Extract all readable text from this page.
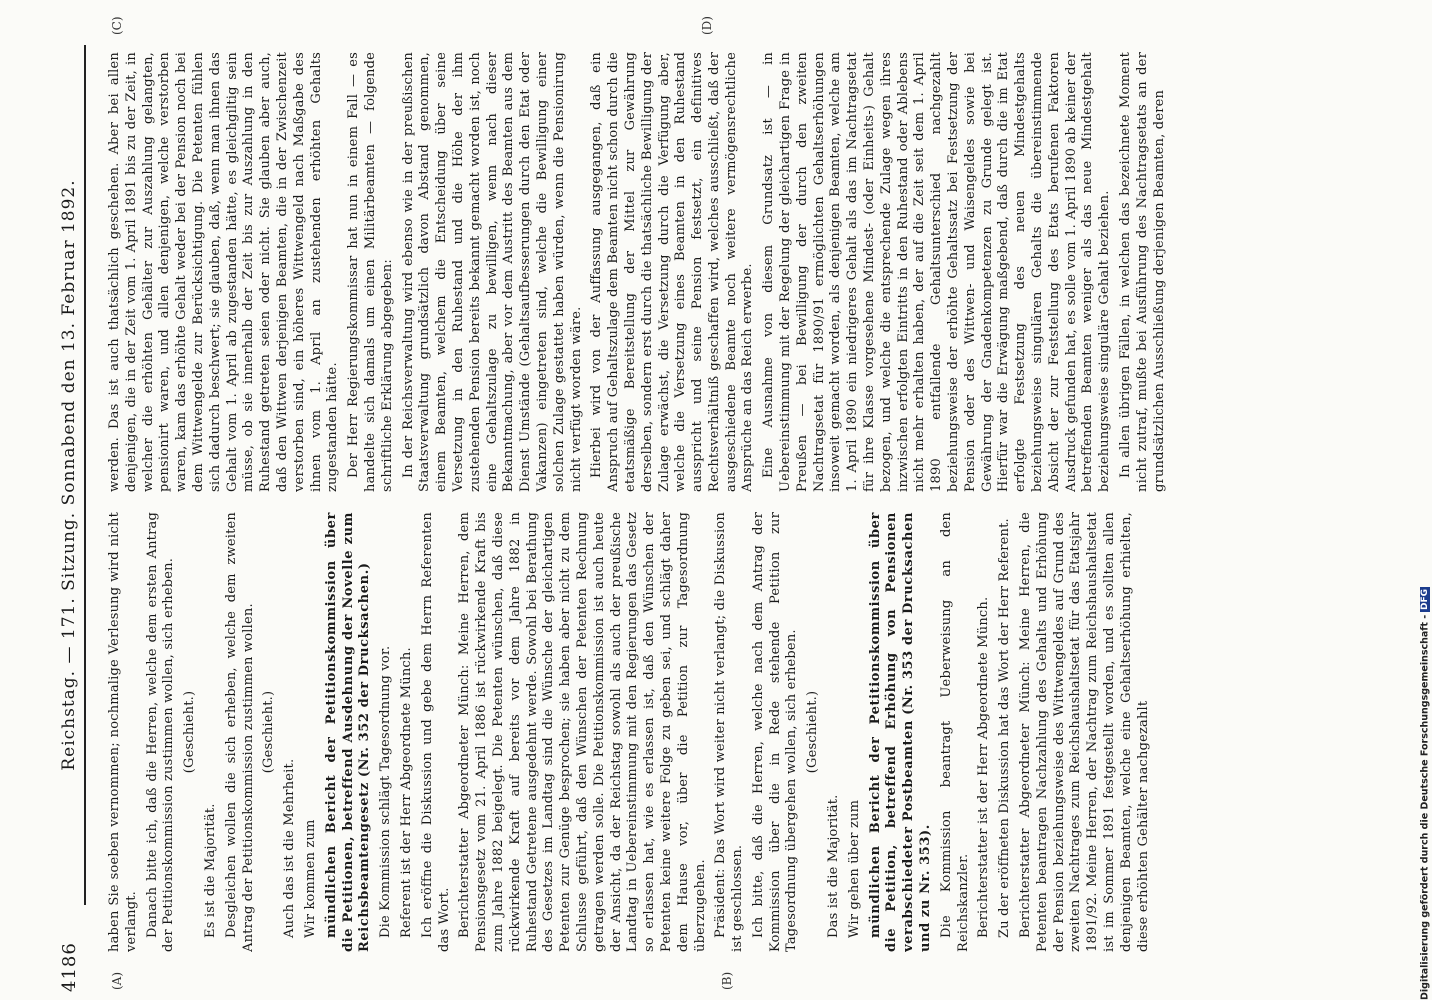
4186
Reichstag. — 171. Sitzung. Sonnabend den 13. Februar 1892.
(A)	(B)
(C)	(D)

haben Sie soeben vernommen; nochmalige Verlesung wird nicht verlangt. Danach bitte ich, daß die Herren, welche dem ersten Antrag der Petitionskommission zustimmen wollen, sich erheben. (Geschieht.)

Es ist die Majorität. Desgleichen wollen die sich erheben, welche dem zweiten Antrag der Petitionskommission zustimmen wollen. (Geschieht.)

Auch das ist die Mehrheit. Wir kommen zum mündlichen Bericht der Petitionskommission über die Petitionen, betreffend Ausdehnung der Novelle zum Reichsbeamtengesetz (Nr. 352 der Drucksachen.) Die Kommission schlägt Tagesordnung vor. Referent ist der Herr Abgeordnete Münch. Ich eröffne die Diskussion und gebe dem Herrn Referenten das Wort. Berichterstatter Abgeordneter Münch: Meine Herren, dem Pensionsgesetz vom 21. April 1886 ist rückwirkende Kraft bis zum Jahre 1882 beigelegt. Die Petenten wünschen, daß diese rückwirkende Kraft auf bereits vor dem Jahre 1882 in Ruhestand Getretene ausgedehnt werde. Sowohl bei Berathung des Gesetzes im Landtag sind die Wünsche der gleichartigen Petenten zur Genüge besprochen; sie haben aber nicht zu dem Schlusse geführt, daß den Wünschen der Petenten Rechnung getragen werden solle. Die Petitionskommission ist auch heute der Ansicht, da der Reichstag sowohl als auch der preußische Landtag in Uebereinstimmung mit den Regierungen das Gesetz so erlassen hat, wie es erlassen ist, daß den Wünschen der Petenten keine weitere Folge zu geben sei, und schlägt daher dem Hause vor, über die Petition zur Tagesordnung überzugehen. Präsident: Das Wort wird weiter nicht verlangt; die Diskussion ist geschlossen. Ich bitte, daß die Herren, welche nach dem Antrag der Kommission über die in Rede stehende Petition zur Tagesordnung übergehen wollen, sich erheben. (Geschieht.)

Das ist die Majorität. Wir gehen über zum mündlichen Bericht der Petitionskommission über die Petition, betreffend Erhöhung von Pensionen verabschiedeter Postbeamten (Nr. 353 der Drucksachen und zu Nr. 353). Die Kommission beantragt Ueberweisung an den Reichskanzler. Berichterstatter ist der Herr Abgeordnete Münch. Zu der eröffneten Diskussion hat das Wort der Herr Referent. Berichterstatter Abgeordneter Münch: Meine Herren, die Petenten beantragen Nachzahlung des Gehalts und Erhöhung der Pension beziehungsweise des Wittwengeldes auf Grund des zweiten Nachtrages zum Reichshaushaltsetat für das Etatsjahr 1891/92. Meine Herren, der Nachtrag zum Reichshaushaltsetat ist im Sommer 1891 festgestellt worden, und es sollten allen denjenigen Beamten, welche eine Gehaltserhöhung erhielten, diese erhöhten Gehälter nachgezahlt

werden. Das ist auch thatsächlich geschehen. Aber bei allen denjenigen, die in der Zeit vom 1. April 1891 bis zu der Zeit, in welcher die erhöhten Gehälter zur Auszahlung gelangten, pensionirt waren, und allen denjenigen, welche verstorben waren, kam das erhöhte Gehalt weder bei der Pension noch bei dem Wittwengelde zur Berücksichtigung. Die Petenten fühlen sich dadurch beschwert; sie glauben, daß, wenn man ihnen das Gehalt vom 1. April ab zugestanden hätte, es gleichgiltig sein müsse, ob sie innerhalb der Zeit bis zur Auszahlung in den Ruhestand getreten seien oder nicht. Sie glauben aber auch, daß den Wittwen derjenigen Beamten, die in der Zwischenzeit verstorben sind, ein höheres Wittwengeld nach Maßgabe des ihnen vom 1. April an zustehenden erhöhten Gehalts zugestanden hätte. Der Herr Regierungskommissar hat nun in einem Fall — es handelte sich damals um einen Militärbeamten — folgende schriftliche Erklärung abgegeben: In der Reichsverwaltung wird ebenso wie in der preußischen Staatsverwaltung grundsätzlich davon Abstand genommen, einem Beamten, welchem die Entscheidung über seine Versetzung in den Ruhestand und die Höhe der ihm zustehenden Pension bereits bekannt gemacht worden ist, noch eine Gehaltszulage zu bewilligen, wenn nach dieser Bekanntmachung, aber vor dem Austritt des Beamten aus dem Dienst Umstände (Gehaltsaufbesserungen durch den Etat oder Vakanzen) eingetreten sind, welche die Bewilligung einer solchen Zulage gestattet haben würden, wenn die Pensionirung nicht verfügt worden wäre. Hierbei wird von der Auffassung ausgegangen, daß ein Anspruch auf Gehaltszulage dem Beamten nicht schon durch die etatsmäßige Bereitstellung der Mittel zur Gewährung derselben, sondern erst durch die thatsächliche Bewilligung der Zulage erwächst, die Versetzung durch die Verfügung aber, welche die Versetzung eines Beamten in den Ruhestand ausspricht und seine Pension festsetzt, ein definitives Rechtsverhältniß geschaffen wird, welches ausschließt, daß der ausgeschiedene Beamte noch weitere vermögensrechtliche Ansprüche an das Reich erwerbe. Eine Ausnahme von diesem Grundsatz ist — in Uebereinstimmung mit der Regelung der gleichartigen Frage in Preußen — bei Bewilligung der durch den zweiten Nachtragsetat für 1890/91 ermöglichten Gehaltserhöhungen insoweit gemacht worden, als denjenigen Beamten, welche am 1. April 1890 ein niedrigeres Gehalt als das im Nachtragsetat für ihre Klasse vorgesehene Mindest- (oder Einheits-) Gehalt bezogen, und welche die entsprechende Zulage wegen ihres inzwischen erfolgten Eintritts in den Ruhestand oder Ablebens nicht mehr erhalten haben, der auf die Zeit seit dem 1. April 1890 entfallende Gehaltsunterschied nachgezahlt beziehungsweise der erhöhte Gehaltssatz bei Festsetzung der Pension oder des Wittwen- und Waisengeldes sowie bei Gewährung der Gnadenkompetenzen zu Grunde gelegt ist. Hierfür war die Erwägung maßgebend, daß durch die im Etat erfolgte Festsetzung des neuen Mindestgehalts beziehungsweise singulären Gehalts die übereinstimmende Absicht der zur Feststellung des Etats berufenen Faktoren Ausdruck gefunden hat, es solle vom 1. April 1890 ab keiner der betreffenden Beamten weniger als das neue Mindestgehalt beziehungsweise singuläre Gehalt beziehen. In allen übrigen Fällen, in welchen das bezeichnete Moment nicht zutraf, mußte bei Ausführung des Nachtragsetats an der grundsätzlichen Ausschließung derjenigen Beamten, deren

Digitalisierung gefördert durch die Deutsche Forschungsgemeinschaft -
DFG
